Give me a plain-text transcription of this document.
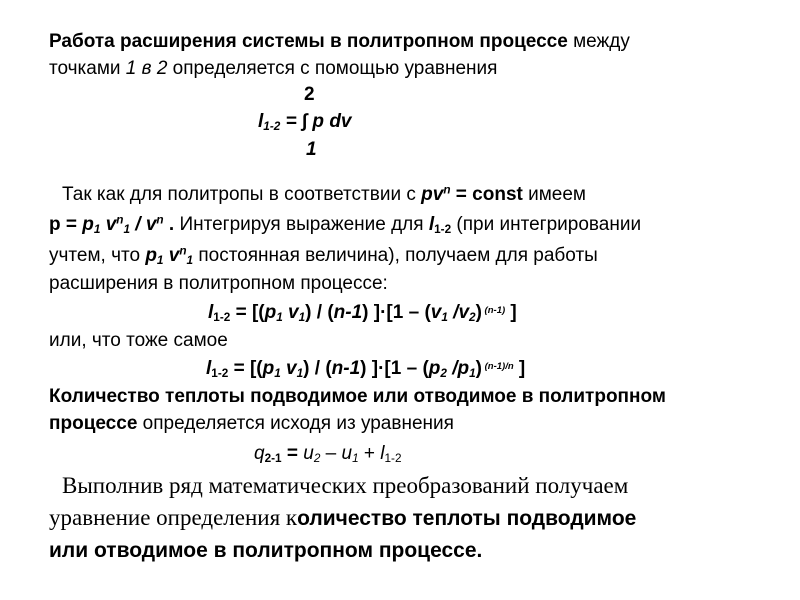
Работа расширения системы в политропном процессе между
точками 1 в 2 определяется с помощью уравнения
2
$l_{1-2}$ = ∫ p dv
1
Так как для политропы в соответствии с $pv^n$ = const имеем
$p = p_1$ $v^n_1 / v^n$ . Интегрируя выражение для $l_{1-2}$ (при интегрировании
учтем, что $p_1$ $v^n_1$ постоянная величина), получаем для работы
расширения в политропном процессе:
$l_{1-2} = [(p_1$ $v_1) / (n-1)$ ]$\cdot[1 - (v_1$ $/v_2$) $^{(n-1)}$ ]
или, что тоже самое
$l_{1-2} = [(p_1$ $v_1) / (n-1)$ ]$\cdot[1 - (p_2$ $/p_1$) $^{(n-1)/n}$ ]
Количество теплоты подводимое или отводимое в политропном
процессе определяется исходя из уравнения
$q_{2-1} = u_2 - u_1 + l_{1-2}$
Выполнив ряд математических преобразований получаем
уравнение определения количество теплоты подводимое
или отводимое в политропном процессе.
